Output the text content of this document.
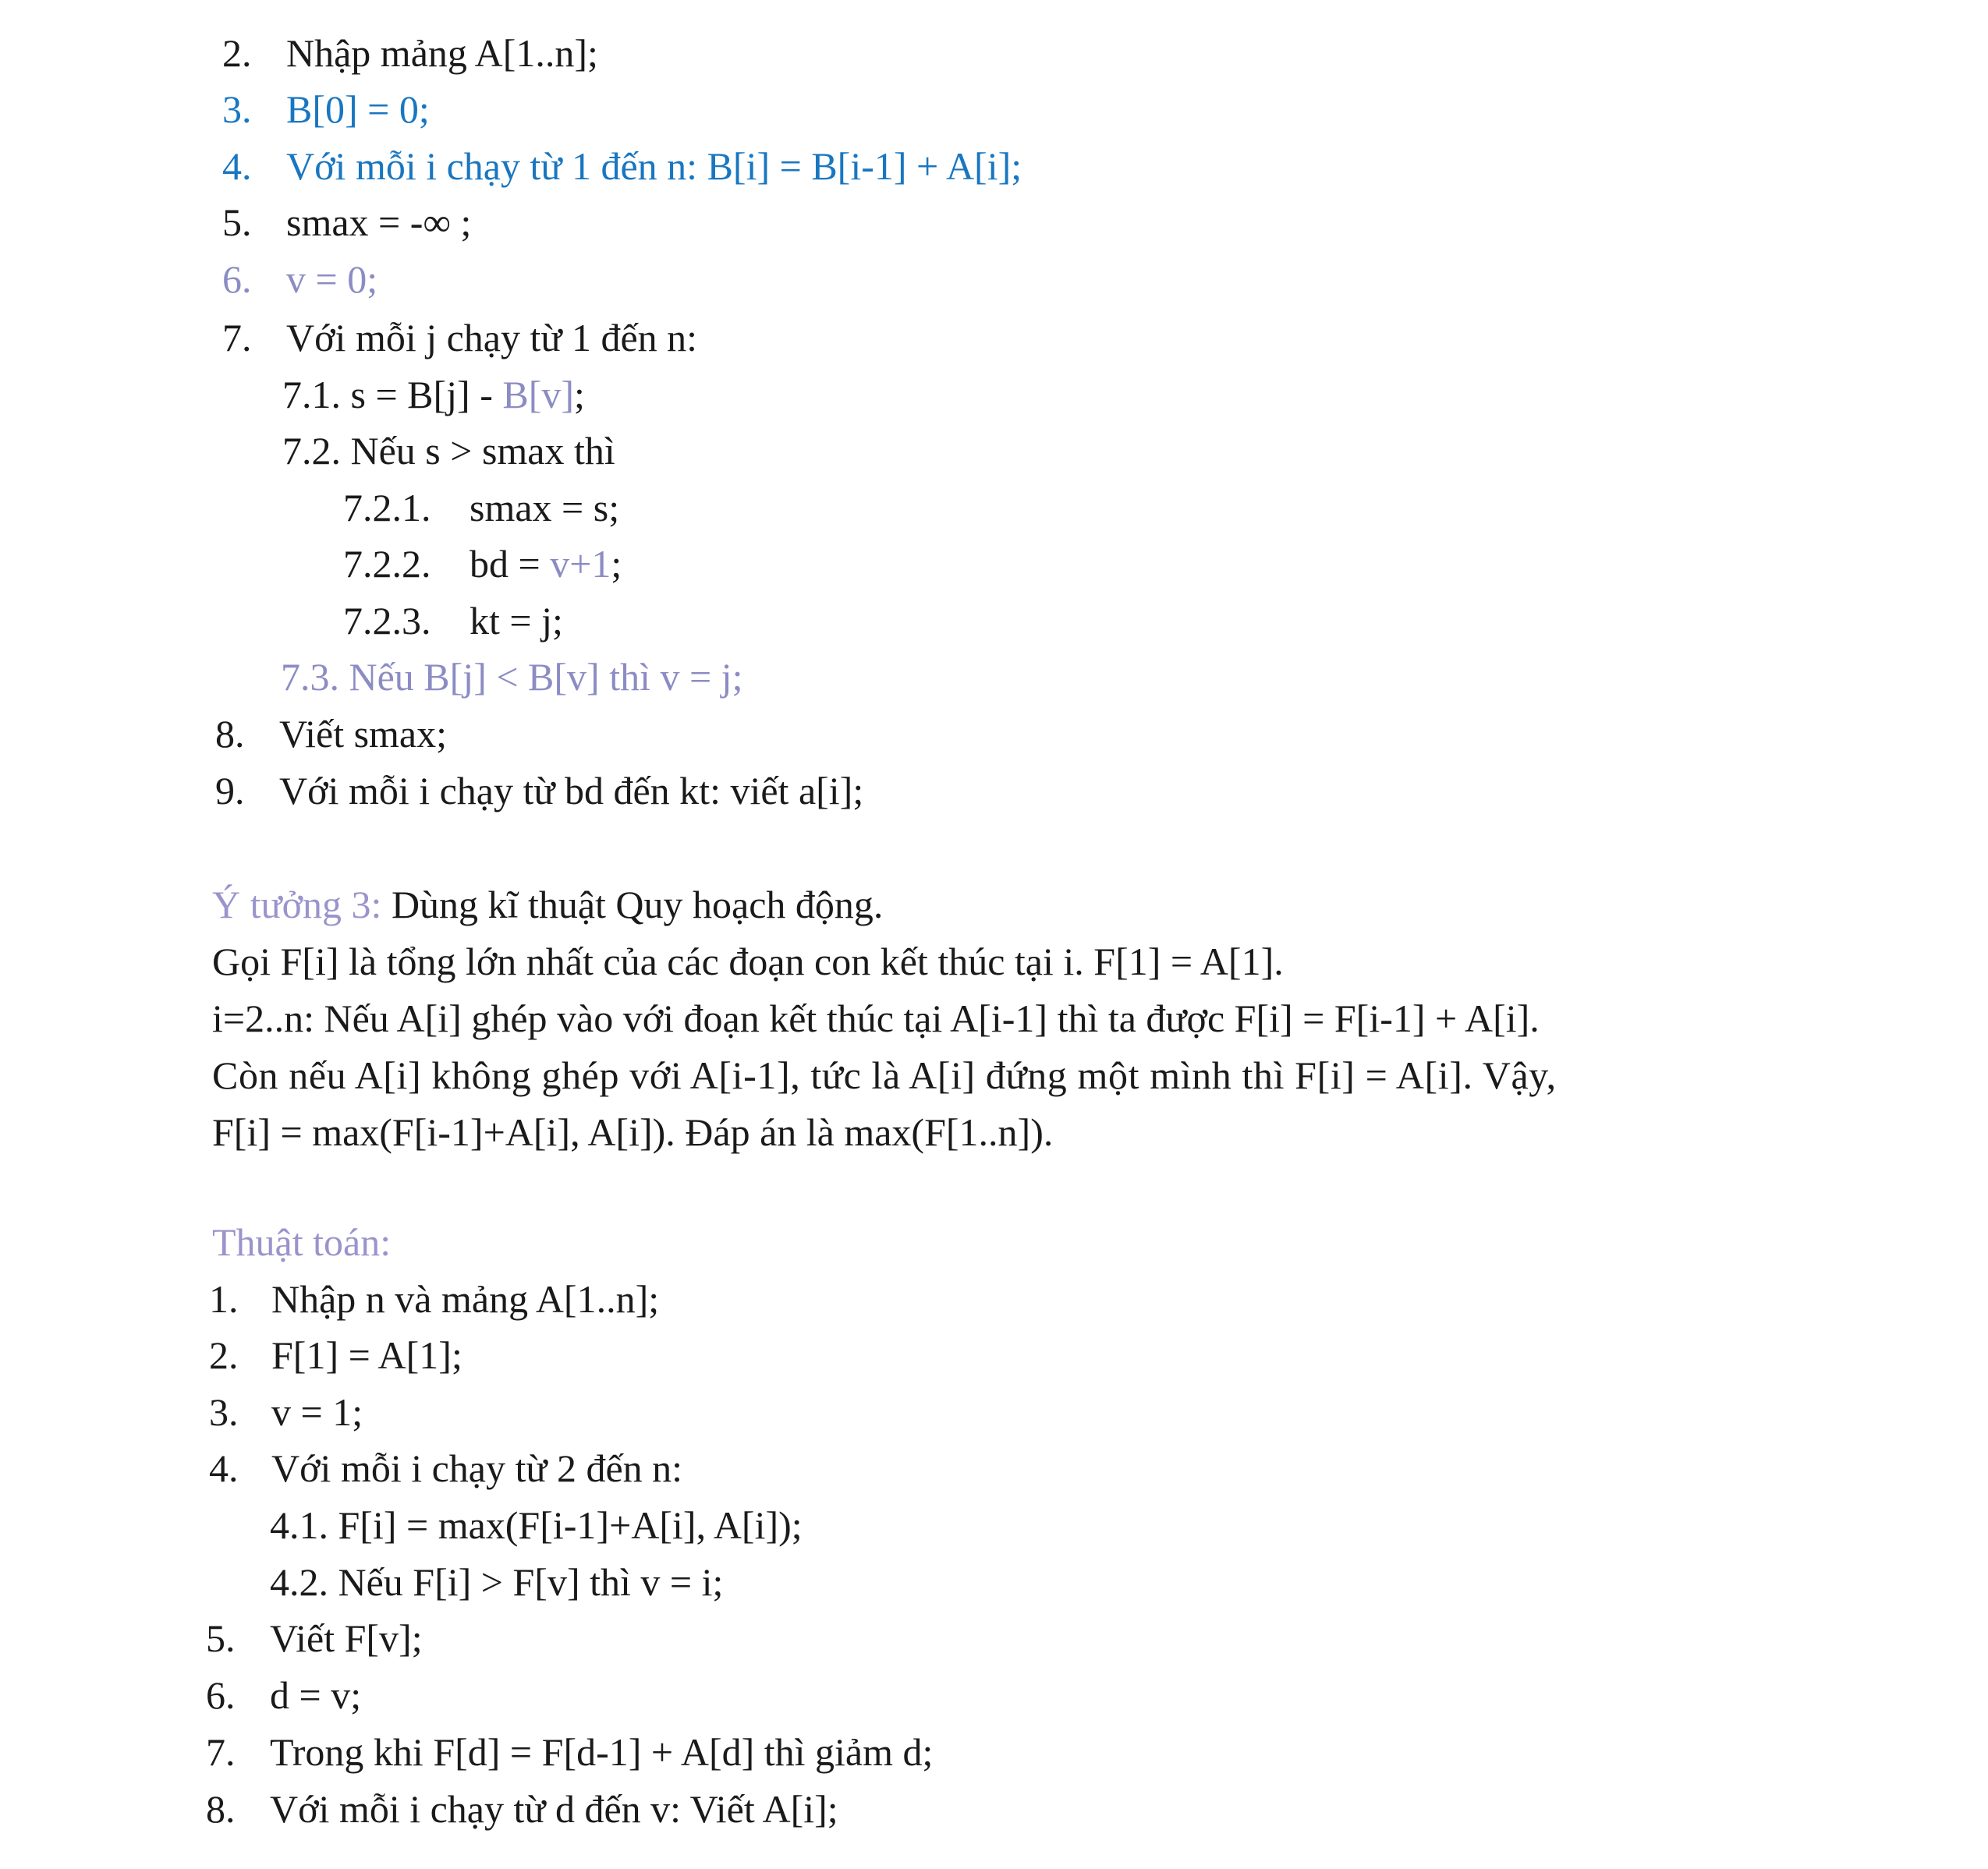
2. Nhập mảng A[1..n];
3. B[0] = 0;
4. Với mỗi i chạy từ 1 đến n: B[i] = B[i-1] + A[i];
5. smax = -∞ ;
6. v = 0;
7. Với mỗi j chạy từ 1 đến n:
7.1. s = B[j] - B[v];
7.2. Nếu s > smax thì
7.2.1. smax = s;
7.2.2. bd = v+1;
7.2.3. kt = j;
7.3. Nếu B[j] < B[v] thì v = j;
8. Viết smax;
9. Với mỗi i chạy từ bd đến kt: viết a[i];
Ý tưởng 3: Dùng kĩ thuật Quy hoạch động.
Gọi F[i] là tổng lớn nhất của các đoạn con kết thúc tại i. F[1] = A[1].
i=2..n: Nếu A[i] ghép vào với đoạn kết thúc tại A[i-1] thì ta được F[i] = F[i-1] + A[i].
Còn nếu A[i] không ghép với A[i-1], tức là A[i] đứng một mình thì F[i] = A[i]. Vậy,
F[i] = max(F[i-1]+A[i], A[i]). Đáp án là max(F[1..n]).
Thuật toán:
1. Nhập n và mảng A[1..n];
2. F[1] = A[1];
3. v = 1;
4. Với mỗi i chạy từ 2 đến n:
4.1. F[i] = max(F[i-1]+A[i], A[i]);
4.2. Nếu F[i] > F[v] thì v = i;
5. Viết F[v];
6. d = v;
7. Trong khi F[d] = F[d-1] + A[d] thì giảm d;
8. Với mỗi i chạy từ d đến v: Viết A[i];
